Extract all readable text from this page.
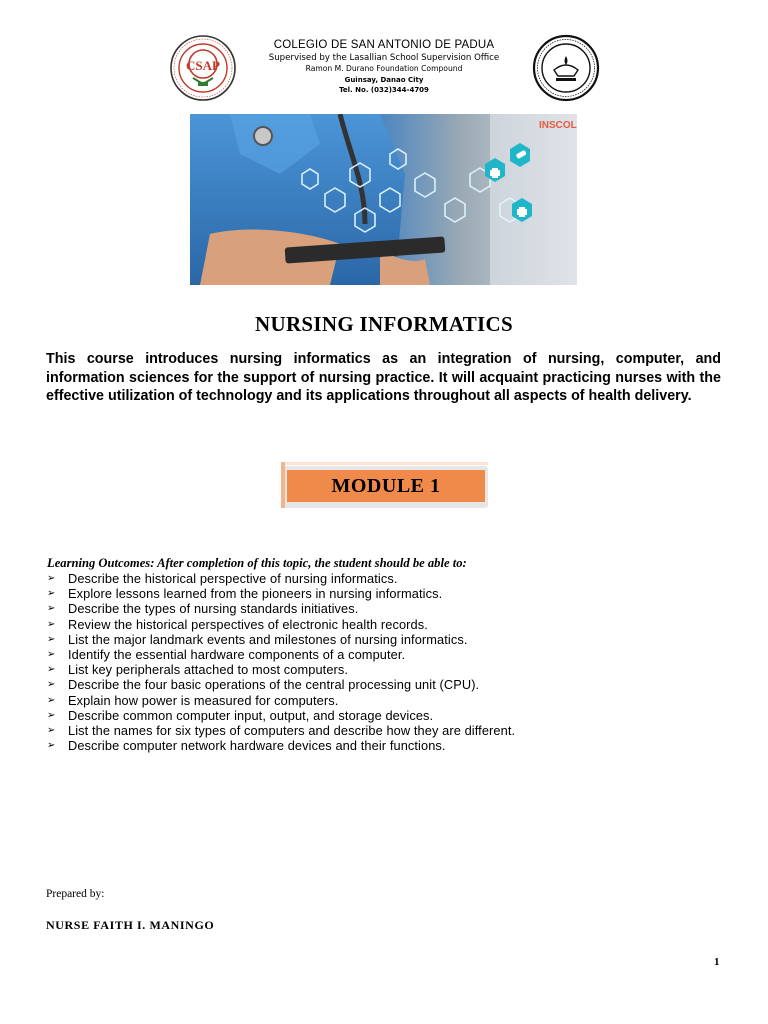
CSAP
COLEGIO DE SAN ANTONIO DE PADUA
Supervised by the Lasallian School Supervision Office
Ramon M. Durano Foundation Compound
Guinsay, Danao City
Tel. No. (032)344-4709
INSCOL
NURSING INFORMATICS
This course introduces nursing informatics as an integration of nursing, computer, and information sciences for the support of nursing practice. It will acquaint practicing nurses with the effective utilization of technology and its applications throughout all aspects of health delivery.
MODULE 1
Learning Outcomes: After completion of this topic, the student should be able to:
➢ Describe the historical perspective of nursing informatics.
➢ Explore lessons learned from the pioneers in nursing informatics.
➢ Describe the types of nursing standards initiatives.
➢ Review the historical perspectives of electronic health records.
➢ List the major landmark events and milestones of nursing informatics.
➢ Identify the essential hardware components of a computer.
➢ List key peripherals attached to most computers.
➢ Describe the four basic operations of the central processing unit (CPU).
➢ Explain how power is measured for computers.
➢ Describe common computer input, output, and storage devices.
➢ List the names for six types of computers and describe how they are different.
➢ Describe computer network hardware devices and their functions.
Prepared by:
NURSE FAITH I. MANINGO
1
